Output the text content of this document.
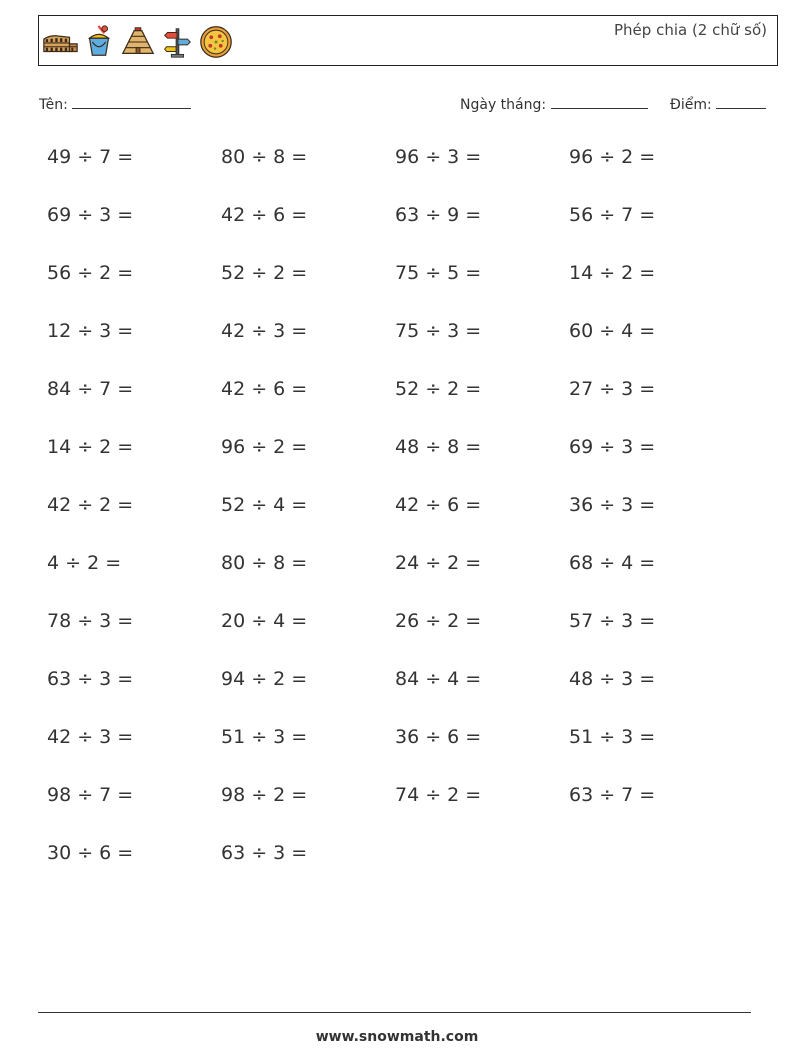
Phép chia (2 chữ số)
Tên:	Ngày tháng:	Điểm:
49 ÷ 7 =	80 ÷ 8 =	96 ÷ 3 =	96 ÷ 2 =
69 ÷ 3 =	42 ÷ 6 =	63 ÷ 9 =	56 ÷ 7 =
56 ÷ 2 =	52 ÷ 2 =	75 ÷ 5 =	14 ÷ 2 =
12 ÷ 3 =	42 ÷ 3 =	75 ÷ 3 =	60 ÷ 4 =
84 ÷ 7 =	42 ÷ 6 =	52 ÷ 2 =	27 ÷ 3 =
14 ÷ 2 =	96 ÷ 2 =	48 ÷ 8 =	69 ÷ 3 =
42 ÷ 2 =	52 ÷ 4 =	42 ÷ 6 =	36 ÷ 3 =
4 ÷ 2 =	80 ÷ 8 =	24 ÷ 2 =	68 ÷ 4 =
78 ÷ 3 =	20 ÷ 4 =	26 ÷ 2 =	57 ÷ 3 =
63 ÷ 3 =	94 ÷ 2 =	84 ÷ 4 =	48 ÷ 3 =
42 ÷ 3 =	51 ÷ 3 =	36 ÷ 6 =	51 ÷ 3 =
98 ÷ 7 =	98 ÷ 2 =	74 ÷ 2 =	63 ÷ 7 =
30 ÷ 6 =	63 ÷ 3 =
www.snowmath.com
